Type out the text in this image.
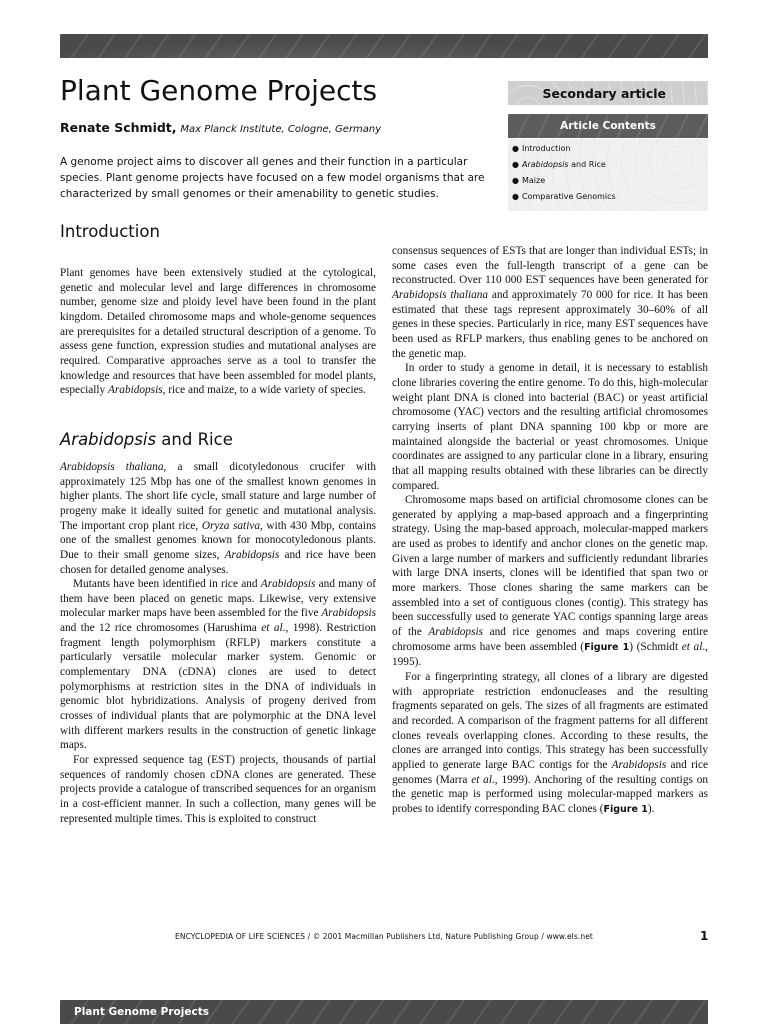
Plant Genome Projects
Renate Schmidt, Max Planck Institute, Cologne, Germany

A genome project aims to discover all genes and their function in a particular species. Plant genome projects have focused on a few model organisms that are characterized by small genomes or their amenability to genetic studies.

Secondary article
Article Contents
● Introduction
● Arabidopsis and Rice
● Maize
● Comparative Genomics
Introduction

Plant genomes have been extensively studied at the cytological, genetic and molecular level and large differences in chromosome number, genome size and ploidy level have been found in the plant kingdom. Detailed chromosome maps and whole-genome sequences are prerequisites for a detailed structural description of a genome. To assess gene function, expression studies and mutational analyses are required. Comparative approaches serve as a tool to transfer the knowledge and resources that have been assembled for model plants, especially Arabidopsis, rice and maize, to a wide variety of species.

Arabidopsis and Rice

Arabidopsis thaliana, a small dicotyledonous crucifer with approximately 125 Mbp has one of the smallest known genomes in higher plants. The short life cycle, small stature and large number of progeny make it ideally suited for genetic and mutational analysis. The important crop plant rice, Oryza sativa, with 430 Mbp, contains one of the smallest genomes known for monocotyledonous plants. Due to their small genome sizes, Arabidopsis and rice have been chosen for detailed genome analyses.

Mutants have been identified in rice and Arabidopsis and many of them have been placed on genetic maps. Likewise, very extensive molecular marker maps have been assembled for the five Arabidopsis and the 12 rice chromosomes (Harushima et al., 1998). Restriction fragment length polymorphism (RFLP) markers constitute a particularly versatile molecular marker system. Genomic or complementary DNA (cDNA) clones are used to detect polymorphisms at restriction sites in the DNA of individuals in genomic blot hybridizations. Analysis of progeny derived from crosses of individual plants that are polymorphic at the DNA level with different markers results in the construction of genetic linkage maps.

For expressed sequence tag (EST) projects, thousands of partial sequences of randomly chosen cDNA clones are generated. These projects provide a catalogue of transcribed sequences for an organism in a cost-efficient manner. In such a collection, many genes will be represented multiple times. This is exploited to construct

consensus sequences of ESTs that are longer than individual ESTs; in some cases even the full-length transcript of a gene can be reconstructed. Over 110 000 EST sequences have been generated for Arabidopsis thaliana and approximately 70 000 for rice. It has been estimated that these tags represent approximately 30–60% of all genes in these species. Particularly in rice, many EST sequences have been used as RFLP markers, thus enabling genes to be anchored on the genetic map.

In order to study a genome in detail, it is necessary to establish clone libraries covering the entire genome. To do this, high-molecular weight plant DNA is cloned into bacterial (BAC) or yeast artificial chromosome (YAC) vectors and the resulting artificial chromosomes carrying inserts of plant DNA spanning 100 kbp or more are maintained alongside the bacterial or yeast chromosomes. Unique coordinates are assigned to any particular clone in a library, ensuring that all mapping results obtained with these libraries can be directly compared.

Chromosome maps based on artificial chromosome clones can be generated by applying a map-based approach and a fingerprinting strategy. Using the map-based approach, molecular-mapped markers are used as probes to identify and anchor clones on the genetic map. Given a large number of markers and sufficiently redundant libraries with large DNA inserts, clones will be identified that span two or more markers. Those clones sharing the same markers can be assembled into a set of contiguous clones (contig). This strategy has been successfully used to generate YAC contigs spanning large areas of the Arabidopsis and rice genomes and maps covering entire chromosome arms have been assembled (Figure 1) (Schmidt et al., 1995).

For a fingerprinting strategy, all clones of a library are digested with appropriate restriction endonucleases and the resulting fragments separated on gels. The sizes of all fragments are estimated and recorded. A comparison of the fragment patterns for all different clones reveals overlapping clones. According to these results, the clones are arranged into contigs. This strategy has been successfully applied to generate large BAC contigs for the Arabidopsis and rice genomes (Marra et al., 1999). Anchoring of the resulting contigs on the genetic map is performed using molecular-mapped markers as probes to identify corresponding BAC clones (Figure 1).

ENCYCLOPEDIA OF LIFE SCIENCES / © 2001 Macmillan Publishers Ltd, Nature Publishing Group / www.els.net	1
Plant Genome Projects
